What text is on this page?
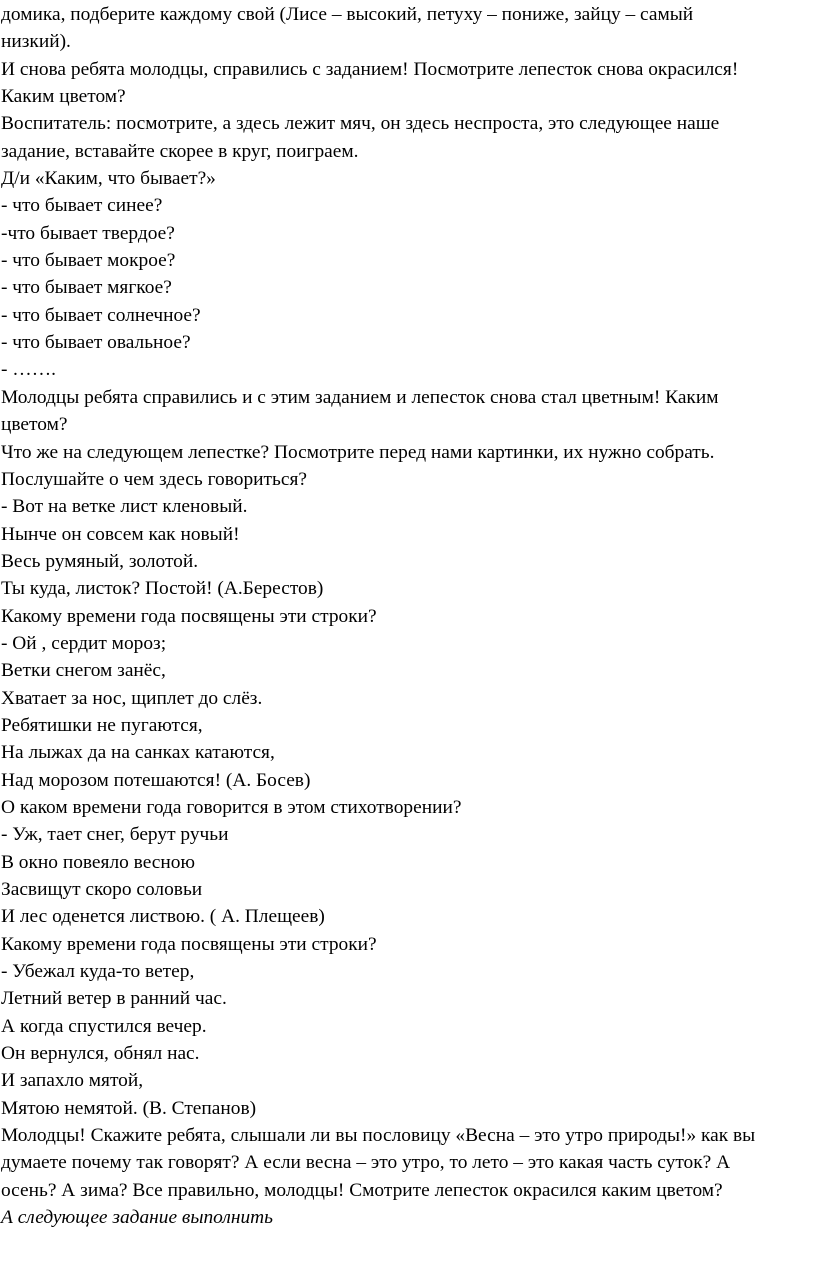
домика, подберите каждому свой (Лисе – высокий, петуху – пониже, зайцу – самый
низкий).
И снова ребята молодцы, справились с заданием! Посмотрите лепесток снова окрасился!
Каким цветом?
Воспитатель: посмотрите, а здесь лежит мяч, он здесь неспроста, это следующее наше
задание, вставайте скорее в круг, поиграем.
Д/и «Каким, что бывает?»
- что бывает синее?
-что бывает твердое?
- что бывает мокрое?
- что бывает мягкое?
- что бывает солнечное?
- что бывает овальное?
- …….
Молодцы ребята справились и с этим заданием и лепесток снова стал цветным! Каким
цветом?
Что же на следующем лепестке? Посмотрите перед нами картинки, их нужно собрать.
Послушайте о чем здесь говориться?
- Вот на ветке лист кленовый.
Нынче он совсем как новый!
Весь румяный, золотой.
Ты куда, листок? Постой! (А.Берестов)
Какому времени года посвящены эти строки?
- Ой , сердит мороз;
Ветки снегом занёс,
Хватает за нос, щиплет до слёз.
Ребятишки не пугаются,
На лыжах да на санках катаются,
Над морозом потешаются! (А. Босев)
О каком времени года говорится в этом стихотворении?
- Уж, тает снег, берут ручьи
В окно повеяло весною
Засвищут скоро соловьи
И лес оденется листвою. ( А. Плещеев)
Какому времени года посвящены эти строки?
- Убежал куда-то ветер,
Летний ветер в ранний час.
А когда спустился вечер.
Он вернулся, обнял нас.
И запахло мятой,
Мятою немятой. (В. Степанов)
Молодцы! Скажите ребята, слышали ли вы пословицу «Весна – это утро природы!» как вы
думаете почему так говорят? А если весна – это утро, то лето – это какая часть суток? А
осень? А зима? Все правильно, молодцы! Смотрите лепесток окрасился каким цветом?
А следующее задание выполнить
